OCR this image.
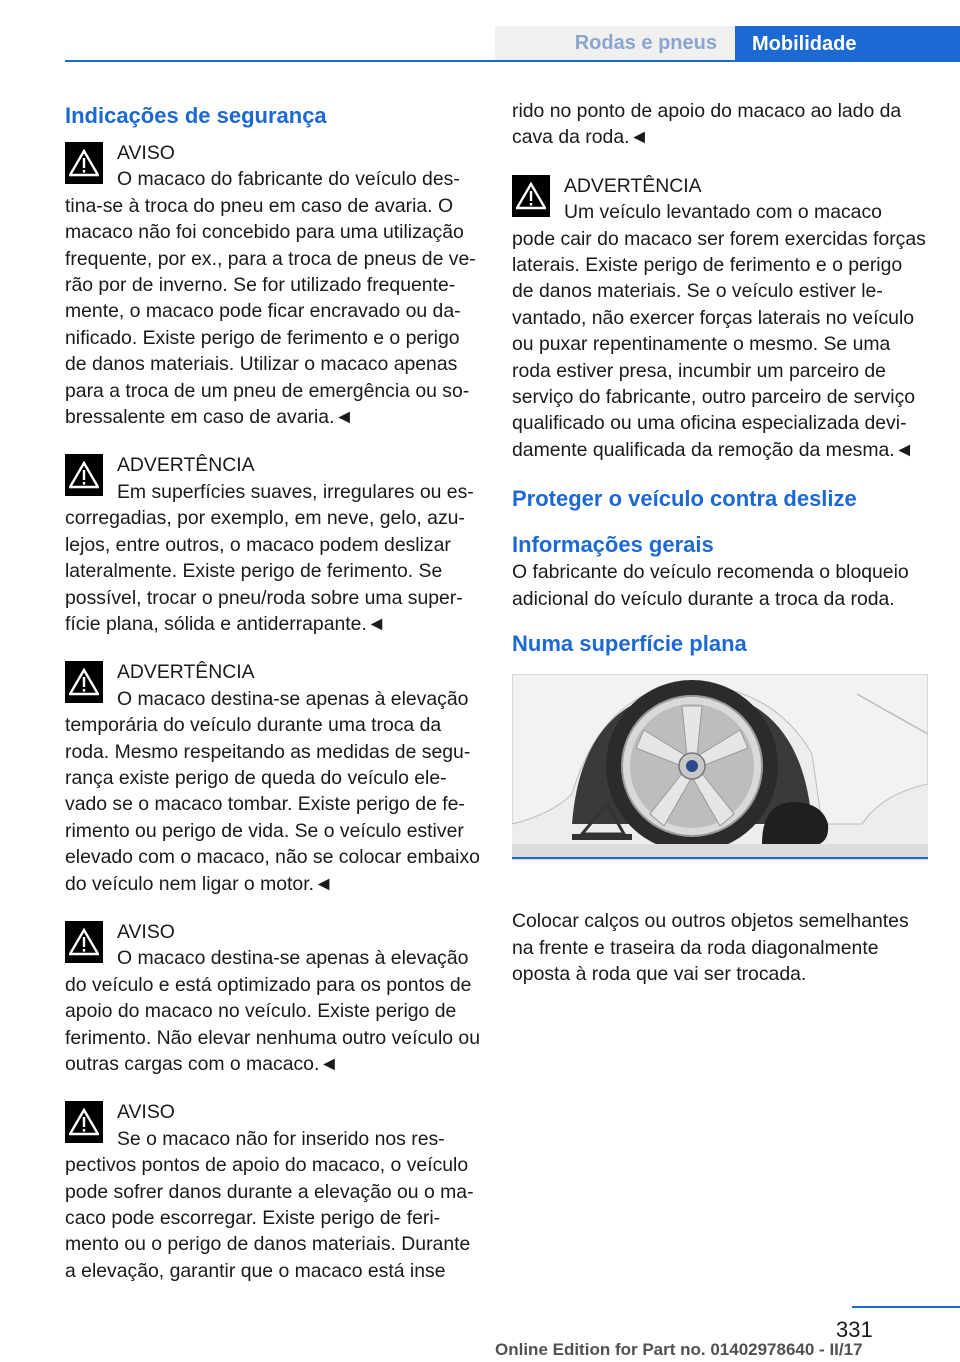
Rodas e pneus	Mobilidade
Indicações de segurança
AVISO
O macaco do fabricante do veículo destina-se à troca do pneu em caso de avaria. O macaco não foi concebido para uma utilização frequente, por ex., para a troca de pneus de verão por de inverno. Se for utilizado frequentemente, o macaco pode ficar encravado ou danificado. Existe perigo de ferimento e o perigo de danos materiais. Utilizar o macaco apenas para a troca de um pneu de emergência ou sobressalente em caso de avaria.◄
ADVERTÊNCIA
Em superfícies suaves, irregulares ou escorregadias, por exemplo, em neve, gelo, azulejos, entre outros, o macaco podem deslizar lateralmente. Existe perigo de ferimento. Se possível, trocar o pneu/roda sobre uma superfície plana, sólida e antiderrapante.◄
ADVERTÊNCIA
O macaco destina-se apenas à elevação temporária do veículo durante uma troca da roda. Mesmo respeitando as medidas de segurança existe perigo de queda do veículo elevado se o macaco tombar. Existe perigo de ferimento ou perigo de vida. Se o veículo estiver elevado com o macaco, não se colocar embaixo do veículo nem ligar o motor.◄
AVISO
O macaco destina-se apenas à elevação do veículo e está optimizado para os pontos de apoio do macaco no veículo. Existe perigo de ferimento. Não elevar nenhuma outro veículo ou outras cargas com o macaco.◄
AVISO
Se o macaco não for inserido nos respectivos pontos de apoio do macaco, o veículo pode sofrer danos durante a elevação ou o macaco pode escorregar. Existe perigo de ferimento ou o perigo de danos materiais. Durante a elevação, garantir que o macaco está inse

rido no ponto de apoio do macaco ao lado da cava da roda.◄

ADVERTÊNCIA
Um veículo levantado com o macaco pode cair do macaco ser forem exercidas forças laterais. Existe perigo de ferimento e o perigo de danos materiais. Se o veículo estiver levantado, não exercer forças laterais no veículo ou puxar repentinamente o mesmo. Se uma roda estiver presa, incumbir um parceiro de serviço do fabricante, outro parceiro de serviço qualificado ou uma oficina especializada devidamente qualificada da remoção da mesma.◄
Proteger o veículo contra deslize
Informações gerais

O fabricante do veículo recomenda o bloqueio adicional do veículo durante a troca da roda.

Numa superfície plana

Colocar calços ou outros objetos semelhantes na frente e traseira da roda diagonalmente oposta à roda que vai ser trocada.

331
Online Edition for Part no. 01402978640 - II/17
